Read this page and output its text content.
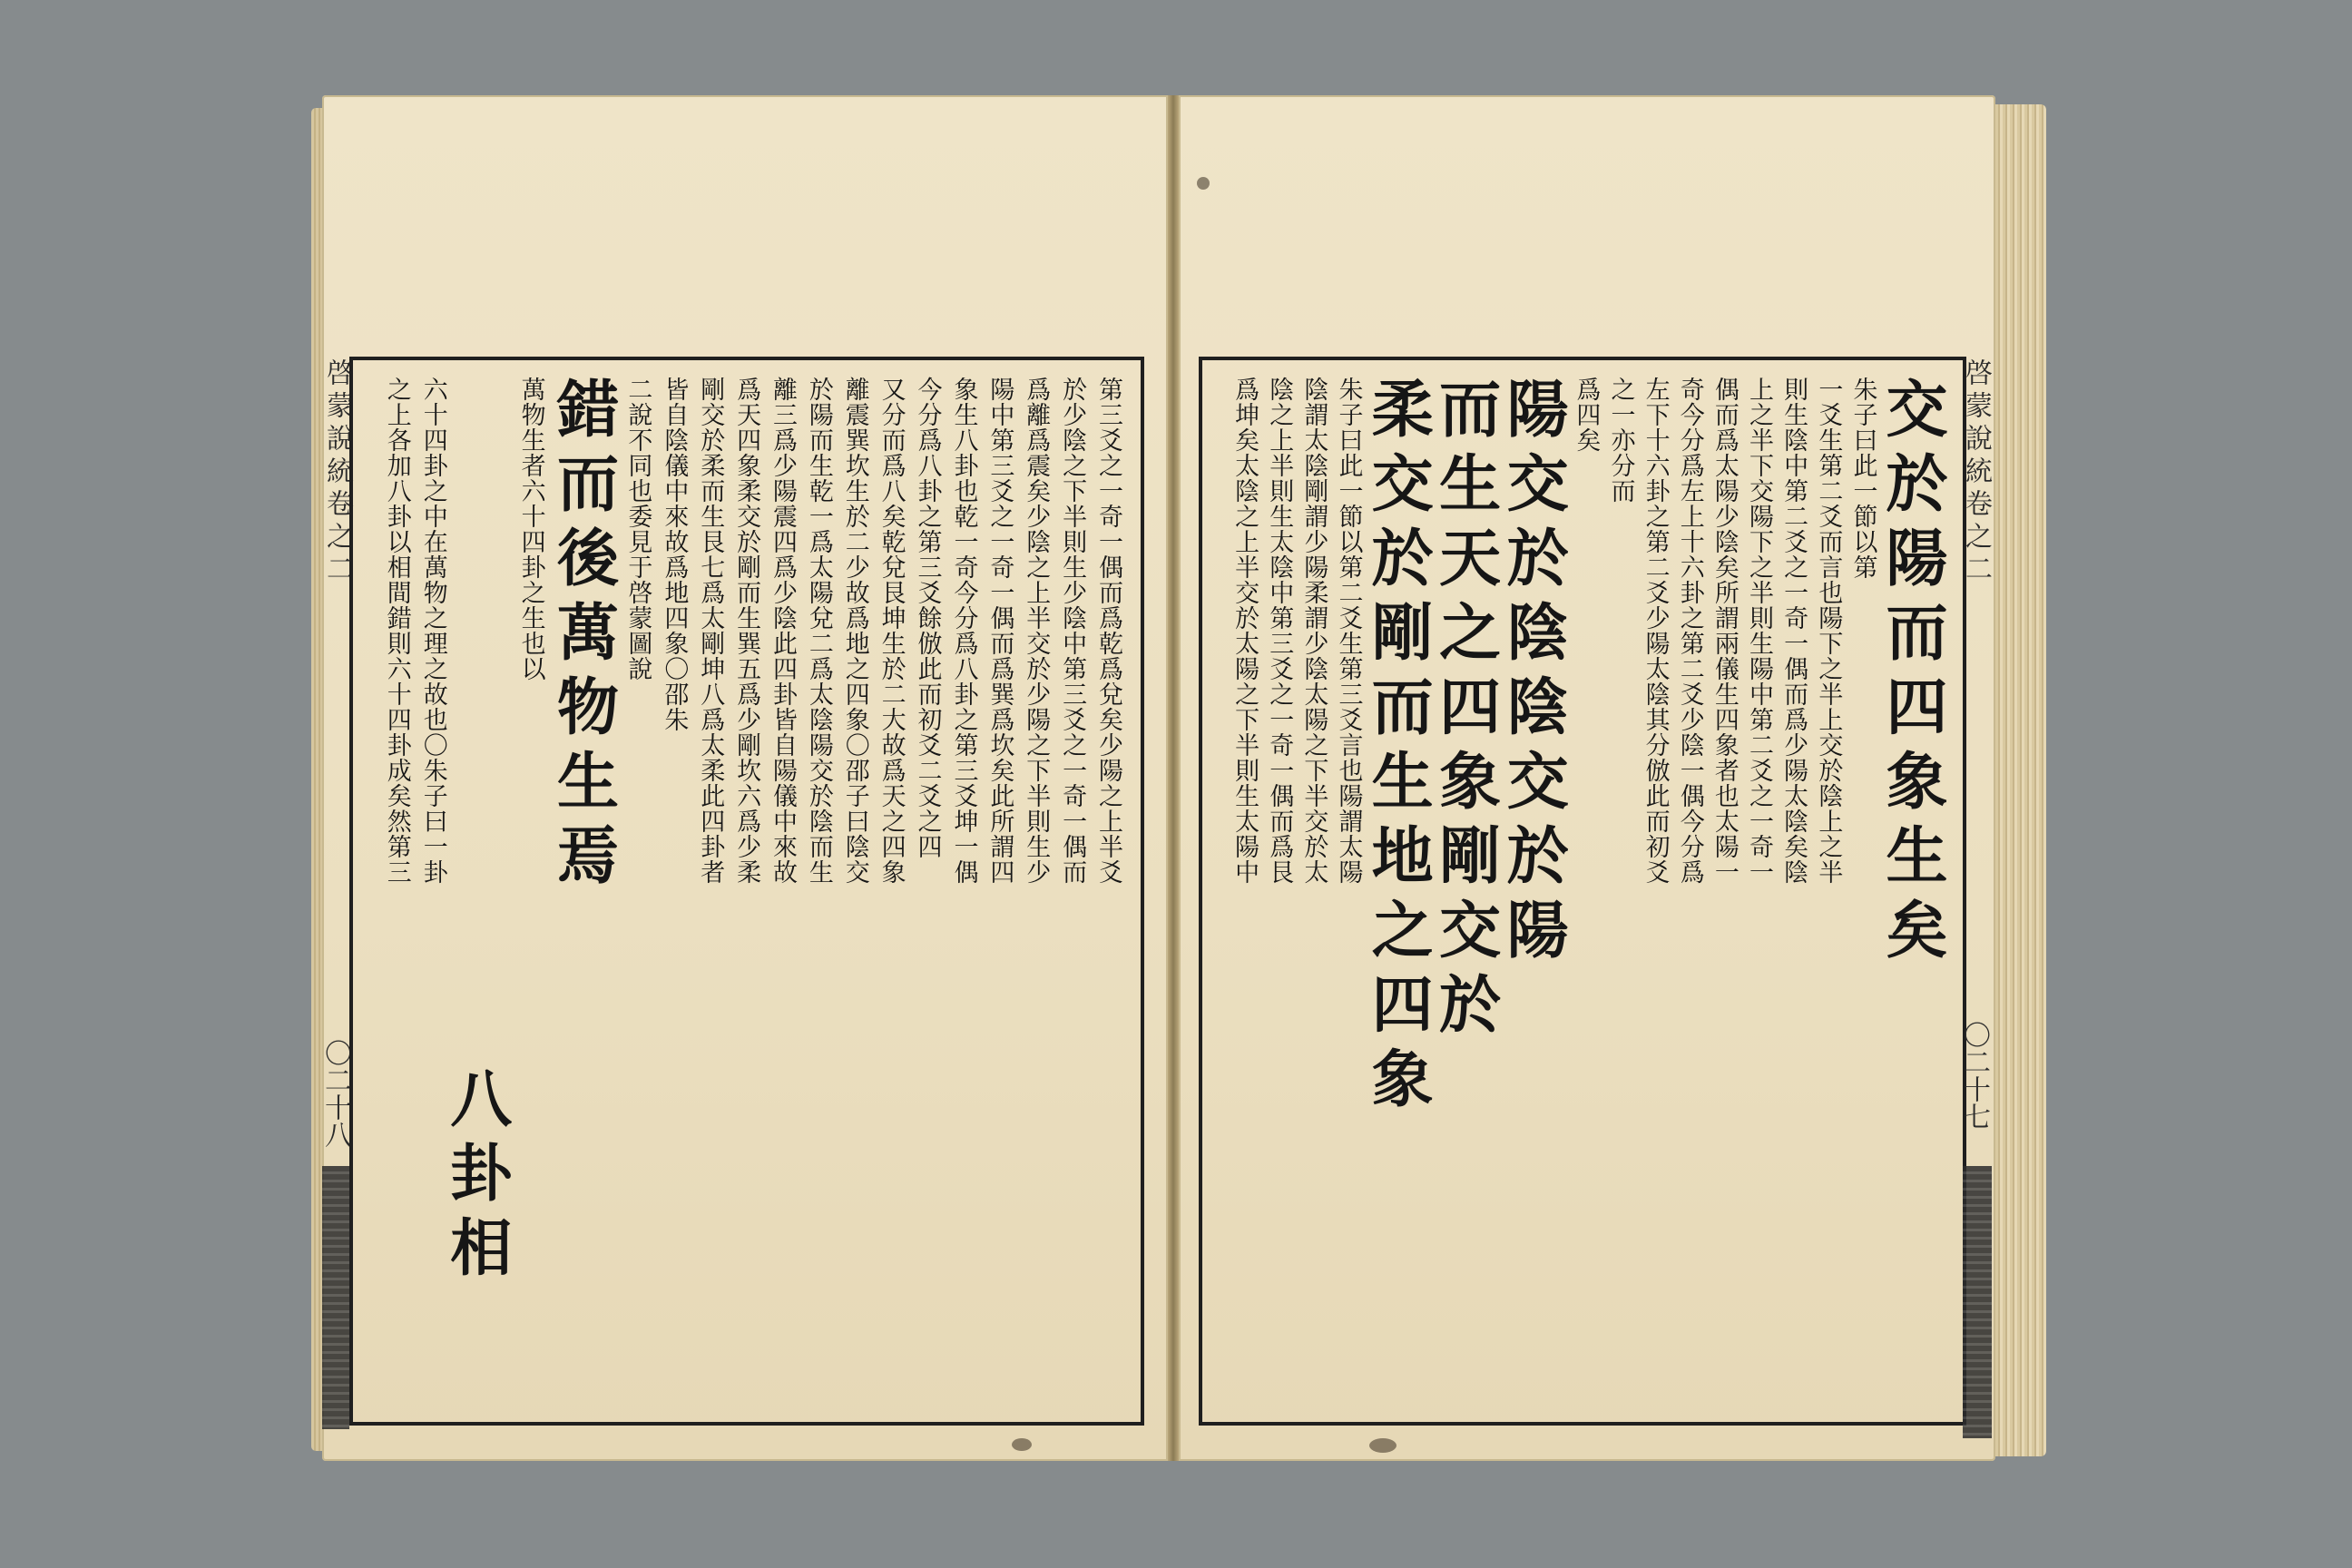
啓蒙說統卷之二
〇二十八
第三爻之一奇一偶而爲乾爲兌矣少陽之上半爻
於少陰之下半則生少陰中第三爻之一奇一偶而
爲離爲震矣少陰之上半交於少陽之下半則生少
陽中第三爻之一奇一偶而爲巽爲坎矣此所謂四
象生八卦也乾一奇今分爲八卦之第三爻坤一偶
今分爲八卦之第三爻餘倣此而初爻二爻之四
又分而爲八矣乾兌艮坤生於二大故爲天之四象
離震巽坎生於二少故爲地之四象〇邵子曰陰交
於陽而生乾一爲太陽兌二爲太陰陽交於陰而生
離三爲少陽震四爲少陰此四卦皆自陽儀中來故
爲天四象柔交於剛而生巽五爲少剛坎六爲少柔
剛交於柔而生艮七爲太剛坤八爲太柔此四卦者
皆自陰儀中來故爲地四象〇邵朱
二說不同也委見于啓蒙圖說
錯而後萬物生焉
萬物生者六十四卦之生也以
八卦相
六十四卦之中在萬物之理之故也〇朱子曰一卦
之上各加八卦以相間錯則六十四卦成矣然第三	交於陽而四象生矣
朱子曰此一節以第
一爻生第二爻而言也陽下之半上交於陰上之半
則生陰中第二爻之一奇一偶而爲少陽太陰矣陰
上之半下交陽下之半則生陽中第二爻之一奇一
偶而爲太陽少陰矣所謂兩儀生四象者也太陽一
奇今分爲左上十六卦之第二爻少陰一偶今分爲
左下十六卦之第二爻少陽太陰其分倣此而初爻
之一亦分而
爲四矣
陽交於陰陰交於陽
而生天之四象剛交於
柔交於剛而生地之四象
朱子曰此一節以第二爻生第三爻言也陽謂太陽
陰謂太陰剛謂少陽柔謂少陰太陽之下半交於太
陰之上半則生太陰中第三爻之一奇一偶而爲艮
爲坤矣太陰之上半交於太陽之下半則生太陽中	啓蒙說統卷之二
〇二十七
